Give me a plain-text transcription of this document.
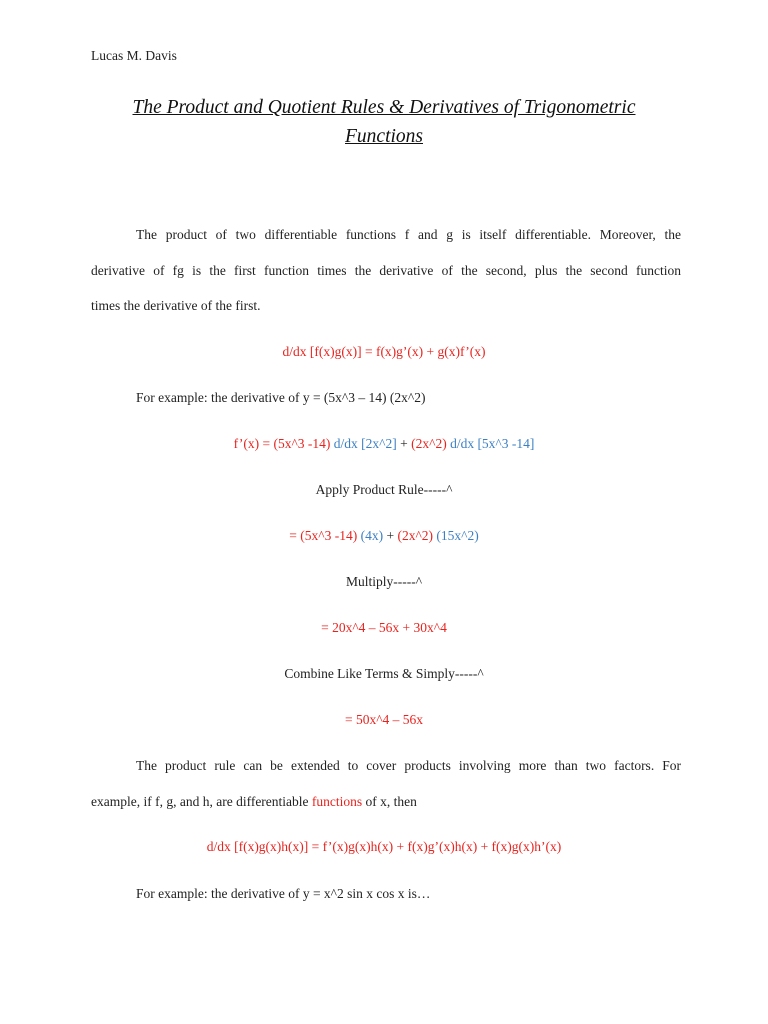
Lucas M. Davis
The Product and Quotient Rules & Derivatives of Trigonometric
Functions
The product of two differentiable functions f and g is itself differentiable. Moreover, the
derivative of fg is the first function times the derivative of the second, plus the second function
times the derivative of the first.
d/dx [f(x)g(x)] = f(x)g’(x) + g(x)f’(x)
For example: the derivative of y = (5x^3 – 14) (2x^2)
f’(x) = (5x^3 -14) d/dx [2x^2] + (2x^2) d/dx [5x^3 -14]
Apply Product Rule-----^
= (5x^3 -14) (4x) + (2x^2) (15x^2)
Multiply-----^
= 20x^4 – 56x + 30x^4
Combine Like Terms & Simply-----^
= 50x^4 – 56x
The product rule can be extended to cover products involving more than two factors. For
example, if f, g, and h, are differentiable functions of x, then
d/dx [f(x)g(x)h(x)] = f’(x)g(x)h(x) + f(x)g’(x)h(x) + f(x)g(x)h’(x)
For example: the derivative of y = x^2 sin x cos x is…
